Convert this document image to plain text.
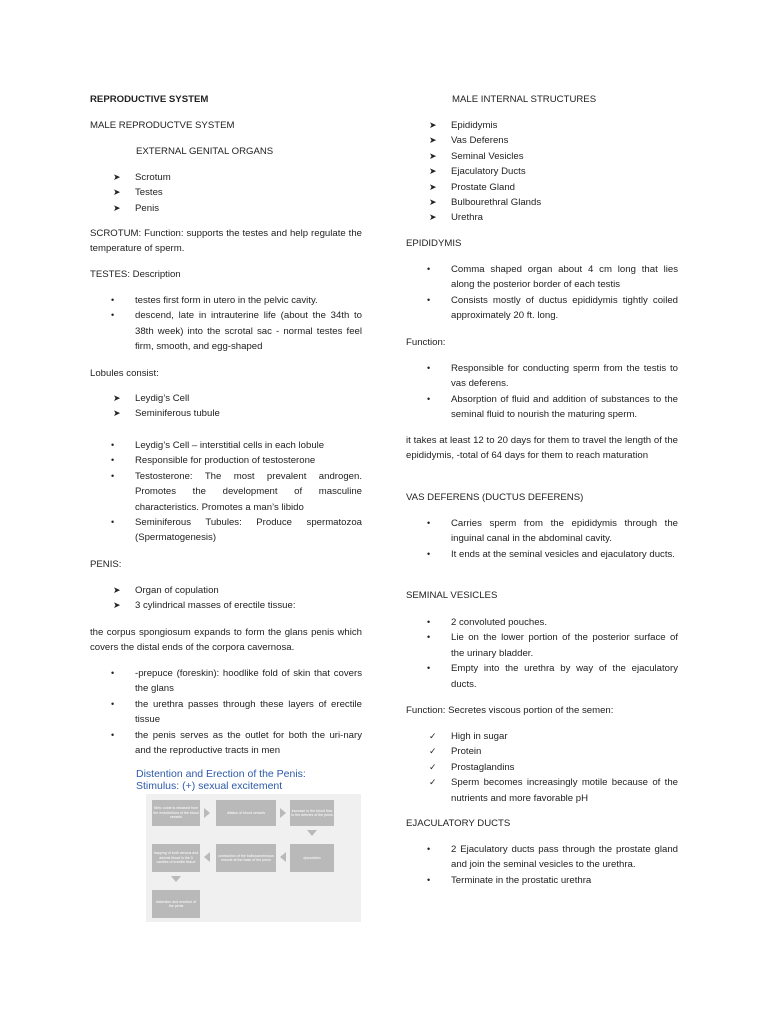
REPRODUCTIVE SYSTEM

MALE REPRODUCTVE SYSTEM

EXTERNAL GENITAL ORGANS

➤ Scrotum
➤ Testes
➤ Penis

SCROTUM: Function: supports the testes and help regulate the temperature of sperm.

TESTES: Description

• testes first form in utero in the pelvic cavity.
• descend, late in intrauterine life (about the 34th to 38th week) into the scrotal sac - normal testes feel firm, smooth, and egg-shaped

Lobules consist:

➤ Leydig’s Cell
➤ Seminiferous tubule
• Leydig’s Cell – interstitial cells in each lobule
• Responsible for production of testosterone
• Testosterone: The most prevalent androgen. Promotes the development of masculine characteristics. Promotes a man’s libido
• Seminiferous Tubules: Produce spermatozoa (Spermatogenesis)

PENIS:

➤ Organ of copulation
➤ 3 cylindrical masses of erectile tissue:

the corpus spongiosum expands to form the glans penis which covers the distal ends of the corpora cavernosa.

• -prepuce (foreskin): hoodlike fold of skin that covers the glans
• the urethra passes through these layers of erectile tissue
• the penis serves as the outlet for both the uri-nary and the reproductive tracts in men
Distention and Erection of the Penis:
Stimulus: (+) sexual excitement
Nitric oxide is released from the endothelium of the blood vessels
dilation of blood vessels
increase in the blood flow to the arteries of the penis
trapping of both venous and arterial blood in the 3 cavities of erectile tissue
contraction of the bulbocavernosus muscle at the base of the penis
ejaculation
distention and erection of the penis

MALE INTERNAL STRUCTURES

➤ Epididymis
➤ Vas Deferens
➤ Seminal Vesicles
➤ Ejaculatory Ducts
➤ Prostate Gland
➤ Bulbourethral Glands
➤ Urethra

EPIDIDYMIS

• Comma shaped organ about 4 cm long that lies along the posterior border of each testis
• Consists mostly of ductus epididymis tightly coiled approximately 20 ft. long.

Function:

• Responsible for conducting sperm from the testis to vas deferens.
• Absorption of fluid and addition of substances to the seminal fluid to nourish the maturing sperm.

it takes at least 12 to 20 days for them to travel the length of the epididymis, -total of 64 days for them to reach maturation

VAS DEFERENS (DUCTUS DEFERENS)

• Carries sperm from the epididymis through the inguinal canal in the abdominal cavity.
• It ends at the seminal vesicles and ejaculatory ducts.

SEMINAL VESICLES

• 2 convoluted pouches.
• Lie on the lower portion of the posterior surface of the urinary bladder.
• Empty into the urethra by way of the ejaculatory ducts.

Function: Secretes viscous portion of the semen:

✓ High in sugar
✓ Protein
✓ Prostaglandins
✓ Sperm becomes increasingly motile because of the nutrients and more favorable pH

EJACULATORY DUCTS

• 2 Ejaculatory ducts pass through the prostate gland and join the seminal vesicles to the urethra.
• Terminate in the prostatic urethra
